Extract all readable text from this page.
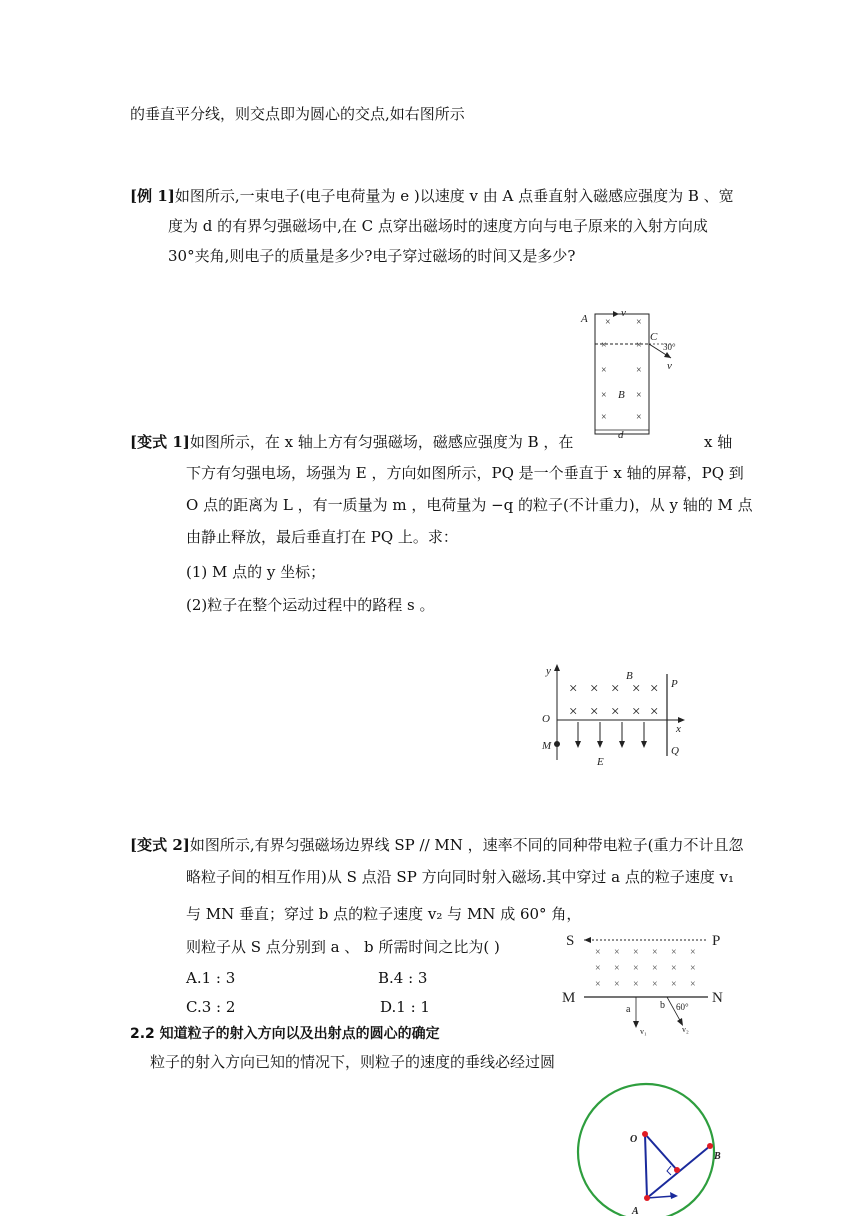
的垂直平分线，则交点即为圆心的交点,如右图所示
[例 1]如图所示,一束电子(电子电荷量为 e )以速度 v 由 A 点垂直射入磁感应强度为 B 、宽
度为 d 的有界匀强磁场中,在 C 点穿出磁场时的速度方向与电子原来的入射方向成
30°夹角,则电子的质量是多少?电子穿过磁场的时间又是多少?
×	×
×	×
×	×
×	×
×	×
A	v
C
30°
v
B
d
[变式 1]如图所示，在 x 轴上方有匀强磁场，磁感应强度为 B ，在	x 轴
下方有匀强电场，场强为 E ，方向如图所示，PQ 是一个垂直于 x 轴的屏幕，PQ 到
O 点的距离为 L ，有一质量为 m ，电荷量为 −q 的粒子(不计重力)，从 y 轴的 M 点
由静止释放，最后垂直打在 PQ 上。求：
(1) M 点的 y 坐标；
(2)粒子在整个运动过程中的路程 s 。
× × × × ×
× × × × ×
y	B
P
O
x
M
E
Q
[变式 2]如图所示,有界匀强磁场边界线 SP // MN ，速率不同的同种带电粒子(重力不计且忽
略粒子间的相互作用)从 S 点沿 SP 方向同时射入磁场.其中穿过 a 点的粒子速度 v₁
与 MN 垂直；穿过 b 点的粒子速度 v₂ 与 MN 成 60° 角，
则粒子从 S 点分别到 a 、 b 所需时间之比为( )
A.1 : 3	B.4 : 3
C.3 : 2	D.1 : 1
× × × × × ×
× × × × × ×
× × × × × ×
S	P
M	N
a	b 60°
v₁	v₂
2.2 知道粒子的射入方向以及出射点的圆心的确定
粒子的射入方向已知的情况下，则粒子的速度的垂线必经过圆
O
B
A
